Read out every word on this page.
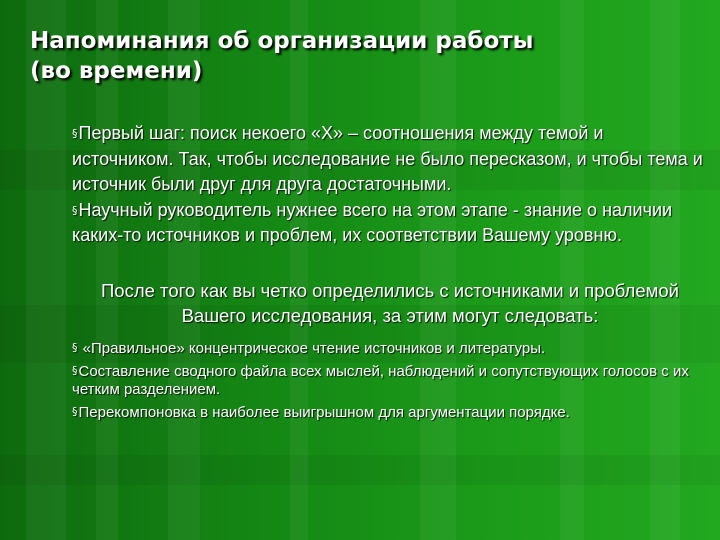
Напоминания об организации работы
(во времени)

§Первый шаг: поиск некоего «Х» – соотношения между темой и источником. Так, чтобы исследование не было пересказом, и чтобы тема и источник были друг для друга достаточными.

§Научный руководитель нужнее всего на этом этапе - знание о наличии каких-то источников и проблем, их соответствии Вашему уровню.

После того как вы четко определились с источниками и проблемой Вашего исследования, за этим могут следовать:

§ «Правильное» концентрическое чтение источников и литературы.

§Составление сводного файла всех мыслей, наблюдений и сопутствующих голосов с их четким разделением.

§Перекомпоновка в наиболее выигрышном для аргументации порядке.
